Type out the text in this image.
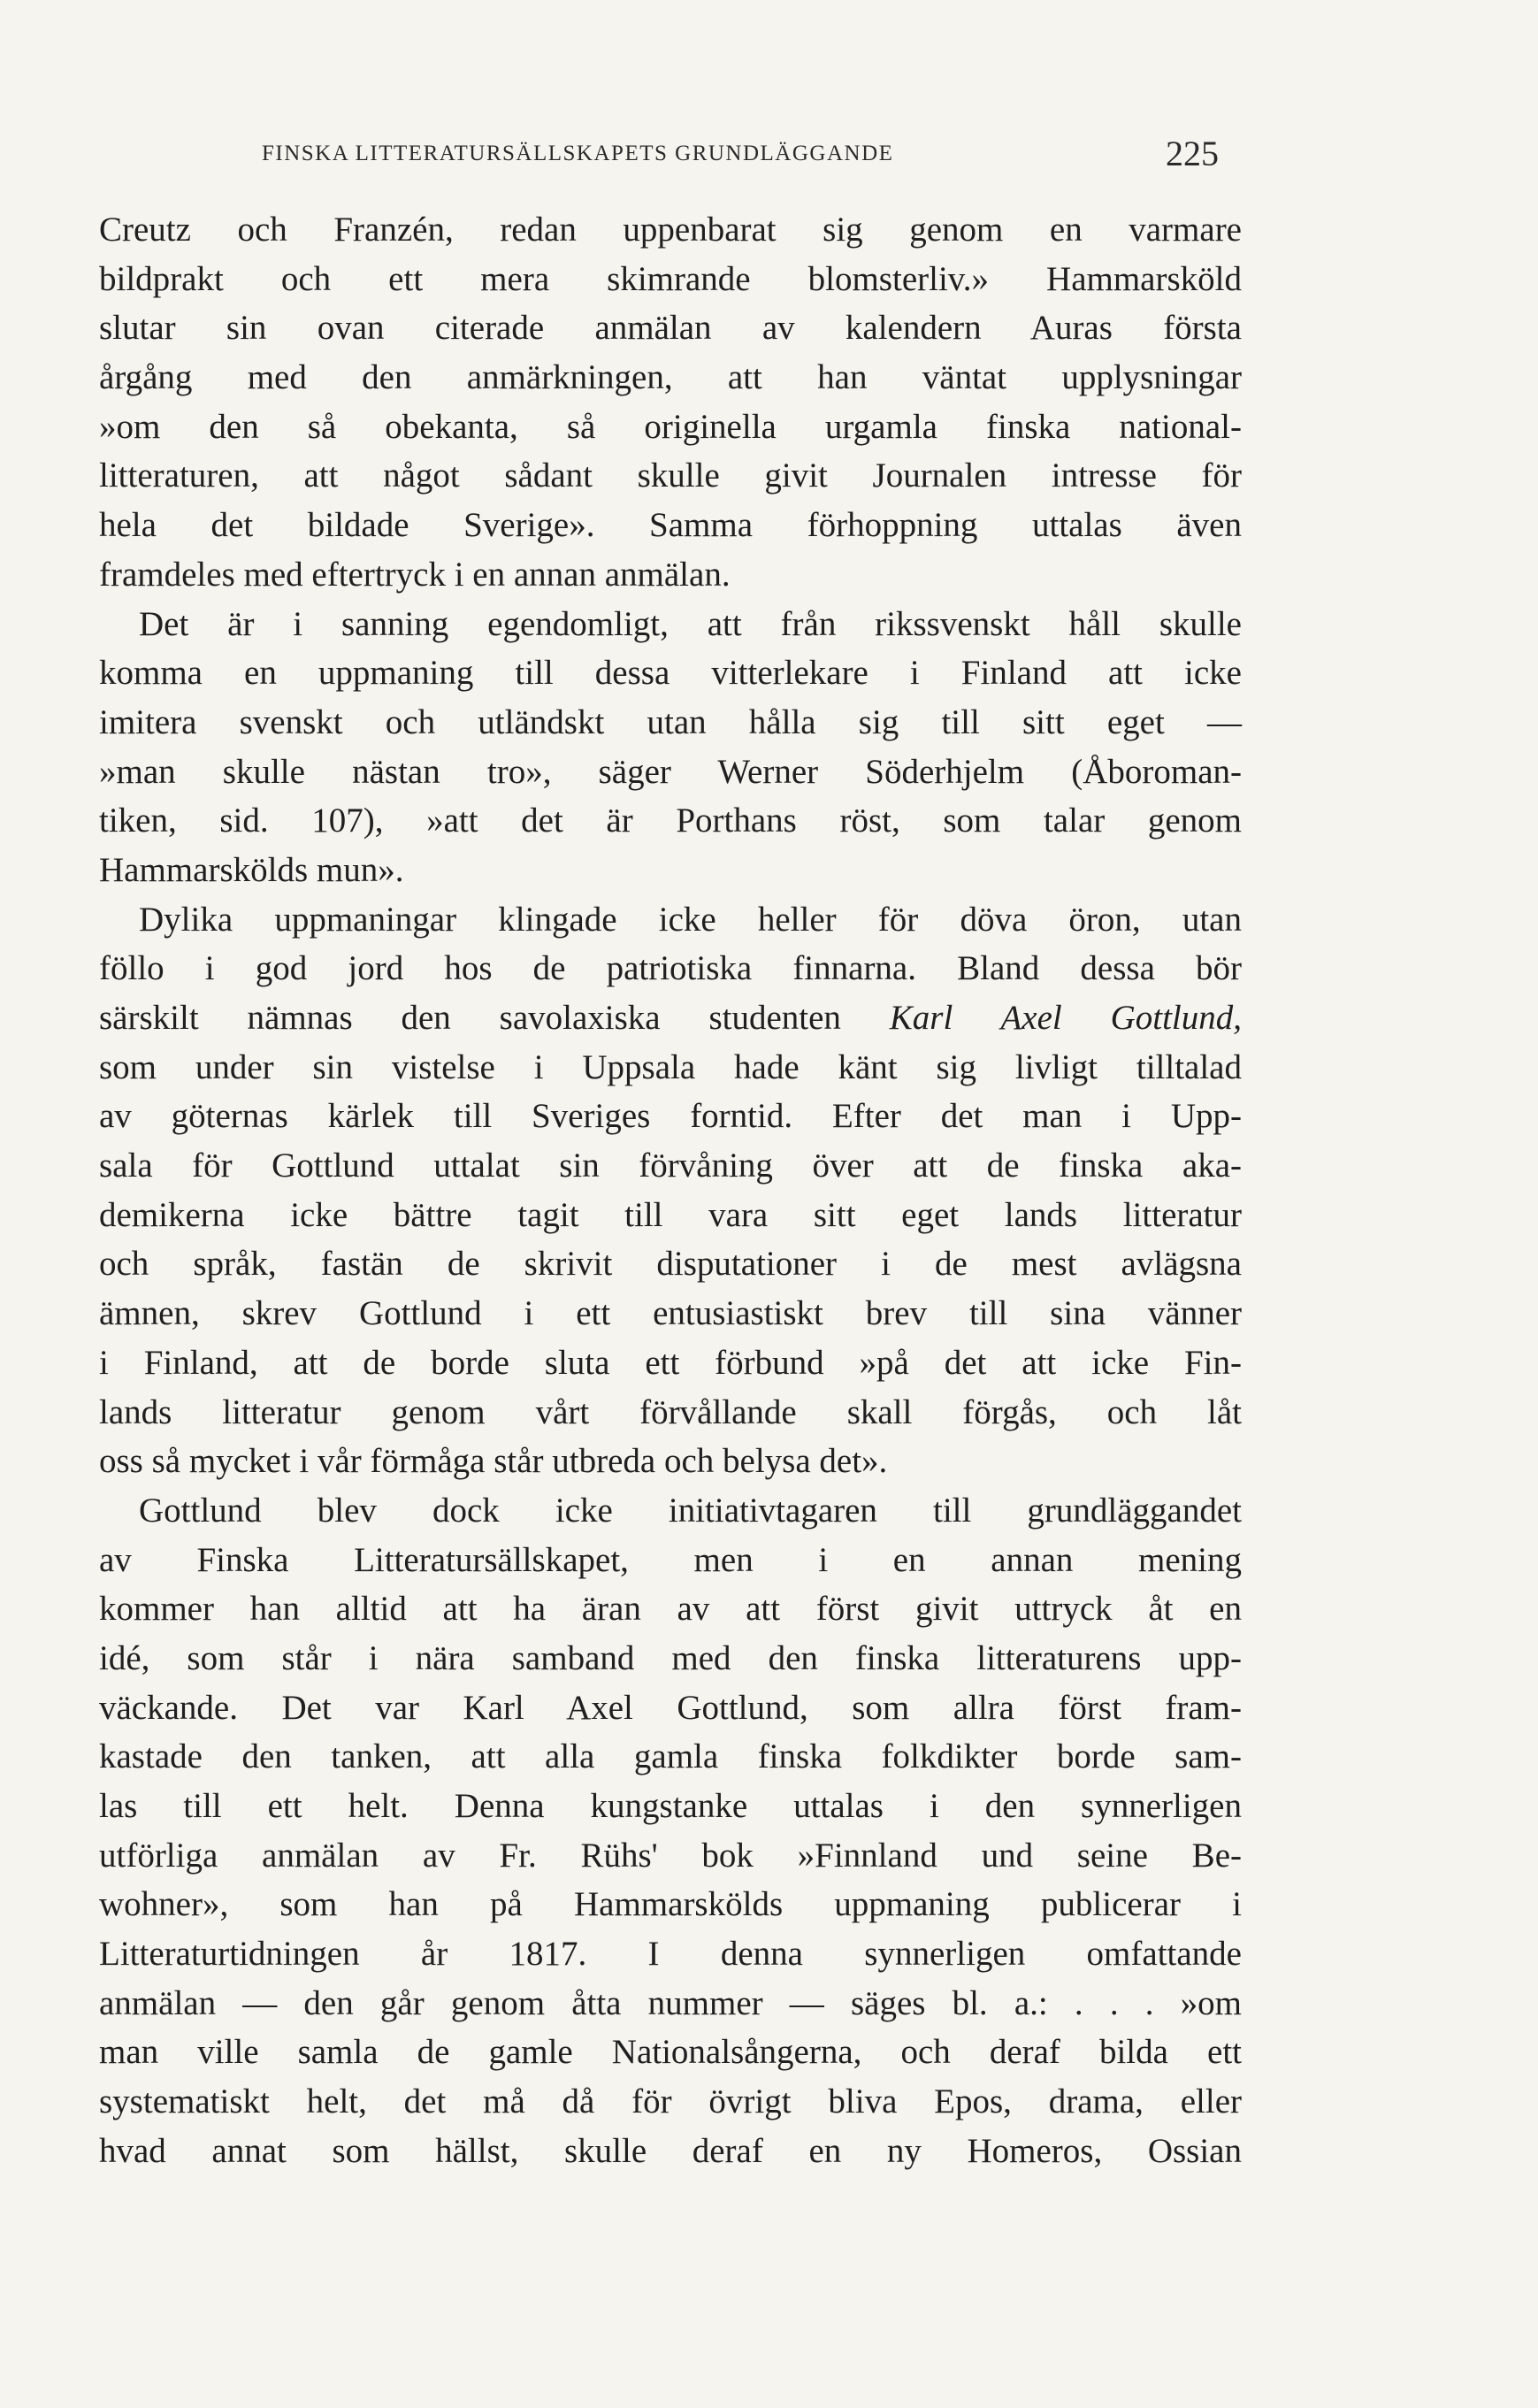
FINSKA LITTERATURSÄLLSKAPETS GRUNDLÄGGANDE	225
Creutz och Franzén, redan uppenbarat sig genom en varmare
bildprakt och ett mera skimrande blomsterliv.» Hammarsköld
slutar sin ovan citerade anmälan av kalendern Auras första
årgång med den anmärkningen, att han väntat upplysningar
»om den så obekanta, så originella urgamla finska national-
litteraturen, att något sådant skulle givit Journalen intresse för
hela det bildade Sverige». Samma förhoppning uttalas även
framdeles med eftertryck i en annan anmälan.
Det är i sanning egendomligt, att från rikssvenskt håll skulle
komma en uppmaning till dessa vitterlekare i Finland att icke
imitera svenskt och utländskt utan hålla sig till sitt eget —
»man skulle nästan tro», säger Werner Söderhjelm (Åboroman-
tiken, sid. 107), »att det är Porthans röst, som talar genom
Hammarskölds mun».
Dylika uppmaningar klingade icke heller för döva öron, utan
föllo i god jord hos de patriotiska finnarna. Bland dessa bör
särskilt nämnas den savolaxiska studenten Karl Axel Gottlund,
som under sin vistelse i Uppsala hade känt sig livligt tilltalad
av göternas kärlek till Sveriges forntid. Efter det man i Upp-
sala för Gottlund uttalat sin förvåning över att de finska aka-
demikerna icke bättre tagit till vara sitt eget lands litteratur
och språk, fastän de skrivit disputationer i de mest avlägsna
ämnen, skrev Gottlund i ett entusiastiskt brev till sina vänner
i Finland, att de borde sluta ett förbund »på det att icke Fin-
lands litteratur genom vårt förvållande skall förgås, och låt
oss så mycket i vår förmåga står utbreda och belysa det».
Gottlund blev dock icke initiativtagaren till grundläggandet
av Finska Litteratursällskapet, men i en annan mening
kommer han alltid att ha äran av att först givit uttryck åt en
idé, som står i nära samband med den finska litteraturens upp-
väckande. Det var Karl Axel Gottlund, som allra först fram-
kastade den tanken, att alla gamla finska folkdikter borde sam-
las till ett helt. Denna kungstanke uttalas i den synnerligen
utförliga anmälan av Fr. Rühs' bok »Finnland und seine Be-
wohner», som han på Hammarskölds uppmaning publicerar i
Litteraturtidningen år 1817. I denna synnerligen omfattande
anmälan — den går genom åtta nummer — säges bl. a.: . . . »om
man ville samla de gamle Nationalsångerna, och deraf bilda ett
systematiskt helt, det må då för övrigt bliva Epos, drama, eller
hvad annat som hällst, skulle deraf en ny Homeros, Ossian
